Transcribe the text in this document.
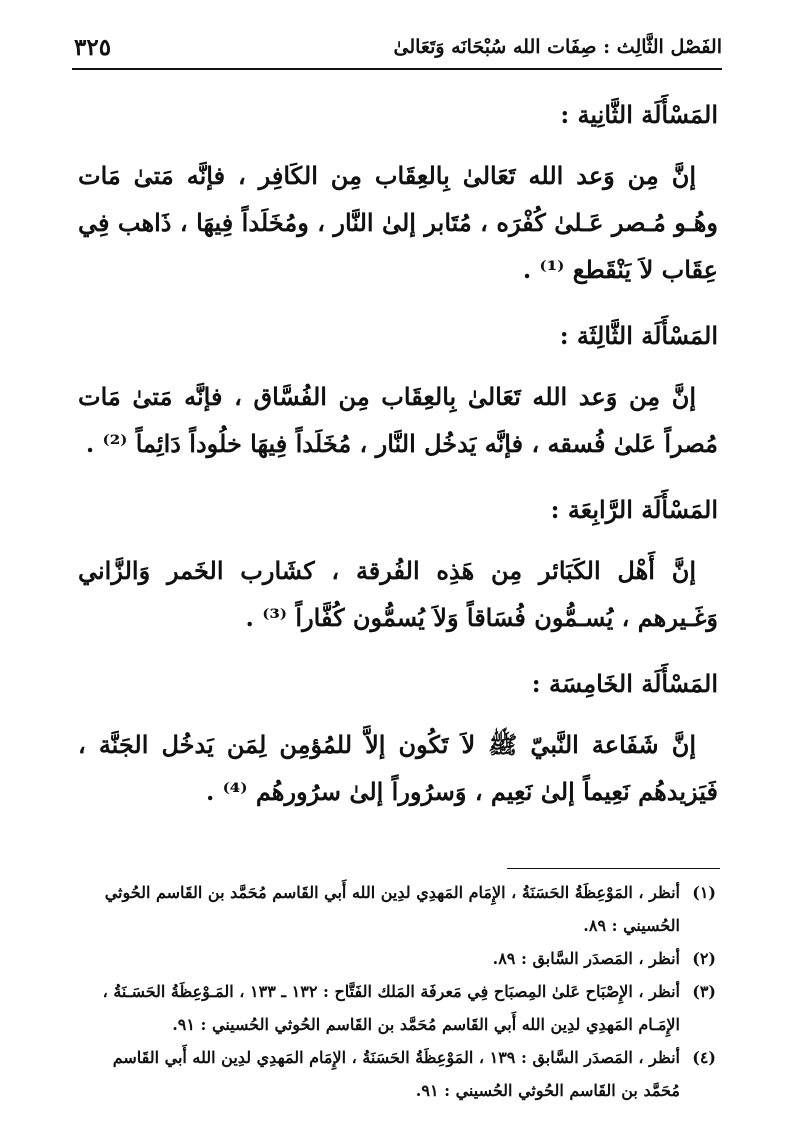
الفَصْل الثَّالِث : صِفَات الله سُبْحَانَه وَتَعَالىٰ
٣٢٥
المَسْأَلَة الثَّانِية :

إنَّ مِن وَعد الله تَعَالىٰ بِالعِقَاب مِن الكَافِر ، فإنَّه مَتىٰ مَات وهُـو مُـصر عَـلىٰ كُفْرَه ، مُتَابر إلىٰ النَّار ، ومُخَلَداً فِيهَا ، ذَاهب فِي عِقَاب لاَ يَنْقَطع ⁽¹⁾ .

المَسْأَلَة الثَّالِثَة :

إنَّ مِن وَعد الله تَعَالىٰ بِالعِقَاب مِن الفُسَّاق ، فإنَّه مَتىٰ مَات مُصراً عَلىٰ فُسقه ، فإنَّه يَدخُل النَّار ، مُخَلَداً فِيهَا خلُوداً دَائِماً ⁽²⁾ .

المَسْأَلَة الرَّابِعَة :

إنَّ أَهْل الكَبَائر مِن هَذِه الفُرقة ، كشَارب الخَمر وَالزَّاني وَغَـيرهم ، يُسـمُّون فُسَاقاً وَلاَ يُسمُّون كُفَّاراً ⁽³⁾ .

المَسْأَلَة الخَامِسَة :

إنَّ شَفَاعة النَّبيّ ﷺ لاَ تَكُون إلاَّ للمُؤمِن لِمَن يَدخُل الجَنَّة ، فَيَزيدهُم نَعِيماً إلىٰ نَعِيم ، وَسرُوراً إلىٰ سرُورهُم ⁽⁴⁾ .

(١)
أنظر ، المَوْعِظَةُ الحَسَنَةُ ، الإِمَام المَهدِي لدِين الله أَبي القَاسم مُحَمَّد بن القَاسم الحُوثي الحُسيني : ٨٩.

(٢)
أنظر ، المَصدَر السَّابق : ٨٩.

(٣)
أنظر ، الإِصْبَاح عَلىٰ المِصبَاح فِي مَعرفَة المَلك الفَتَّاح : ١٣٢ ـ ١٣٣ ، المَـوْعِظَةُ الحَسَـنَةُ ، الإِمَـام المَهدِي لدِين الله أَبي القَاسم مُحَمَّد بن القَاسم الحُوثي الحُسيني : ٩١.

(٤)
أنظر ، المَصدَر السَّابق : ١٣٩ ، المَوْعِظَةُ الحَسَنَةُ ، الإِمَام المَهدِي لدِين الله أَبي القَاسم مُحَمَّد بن القَاسم الحُوثي الحُسيني : ٩١.
